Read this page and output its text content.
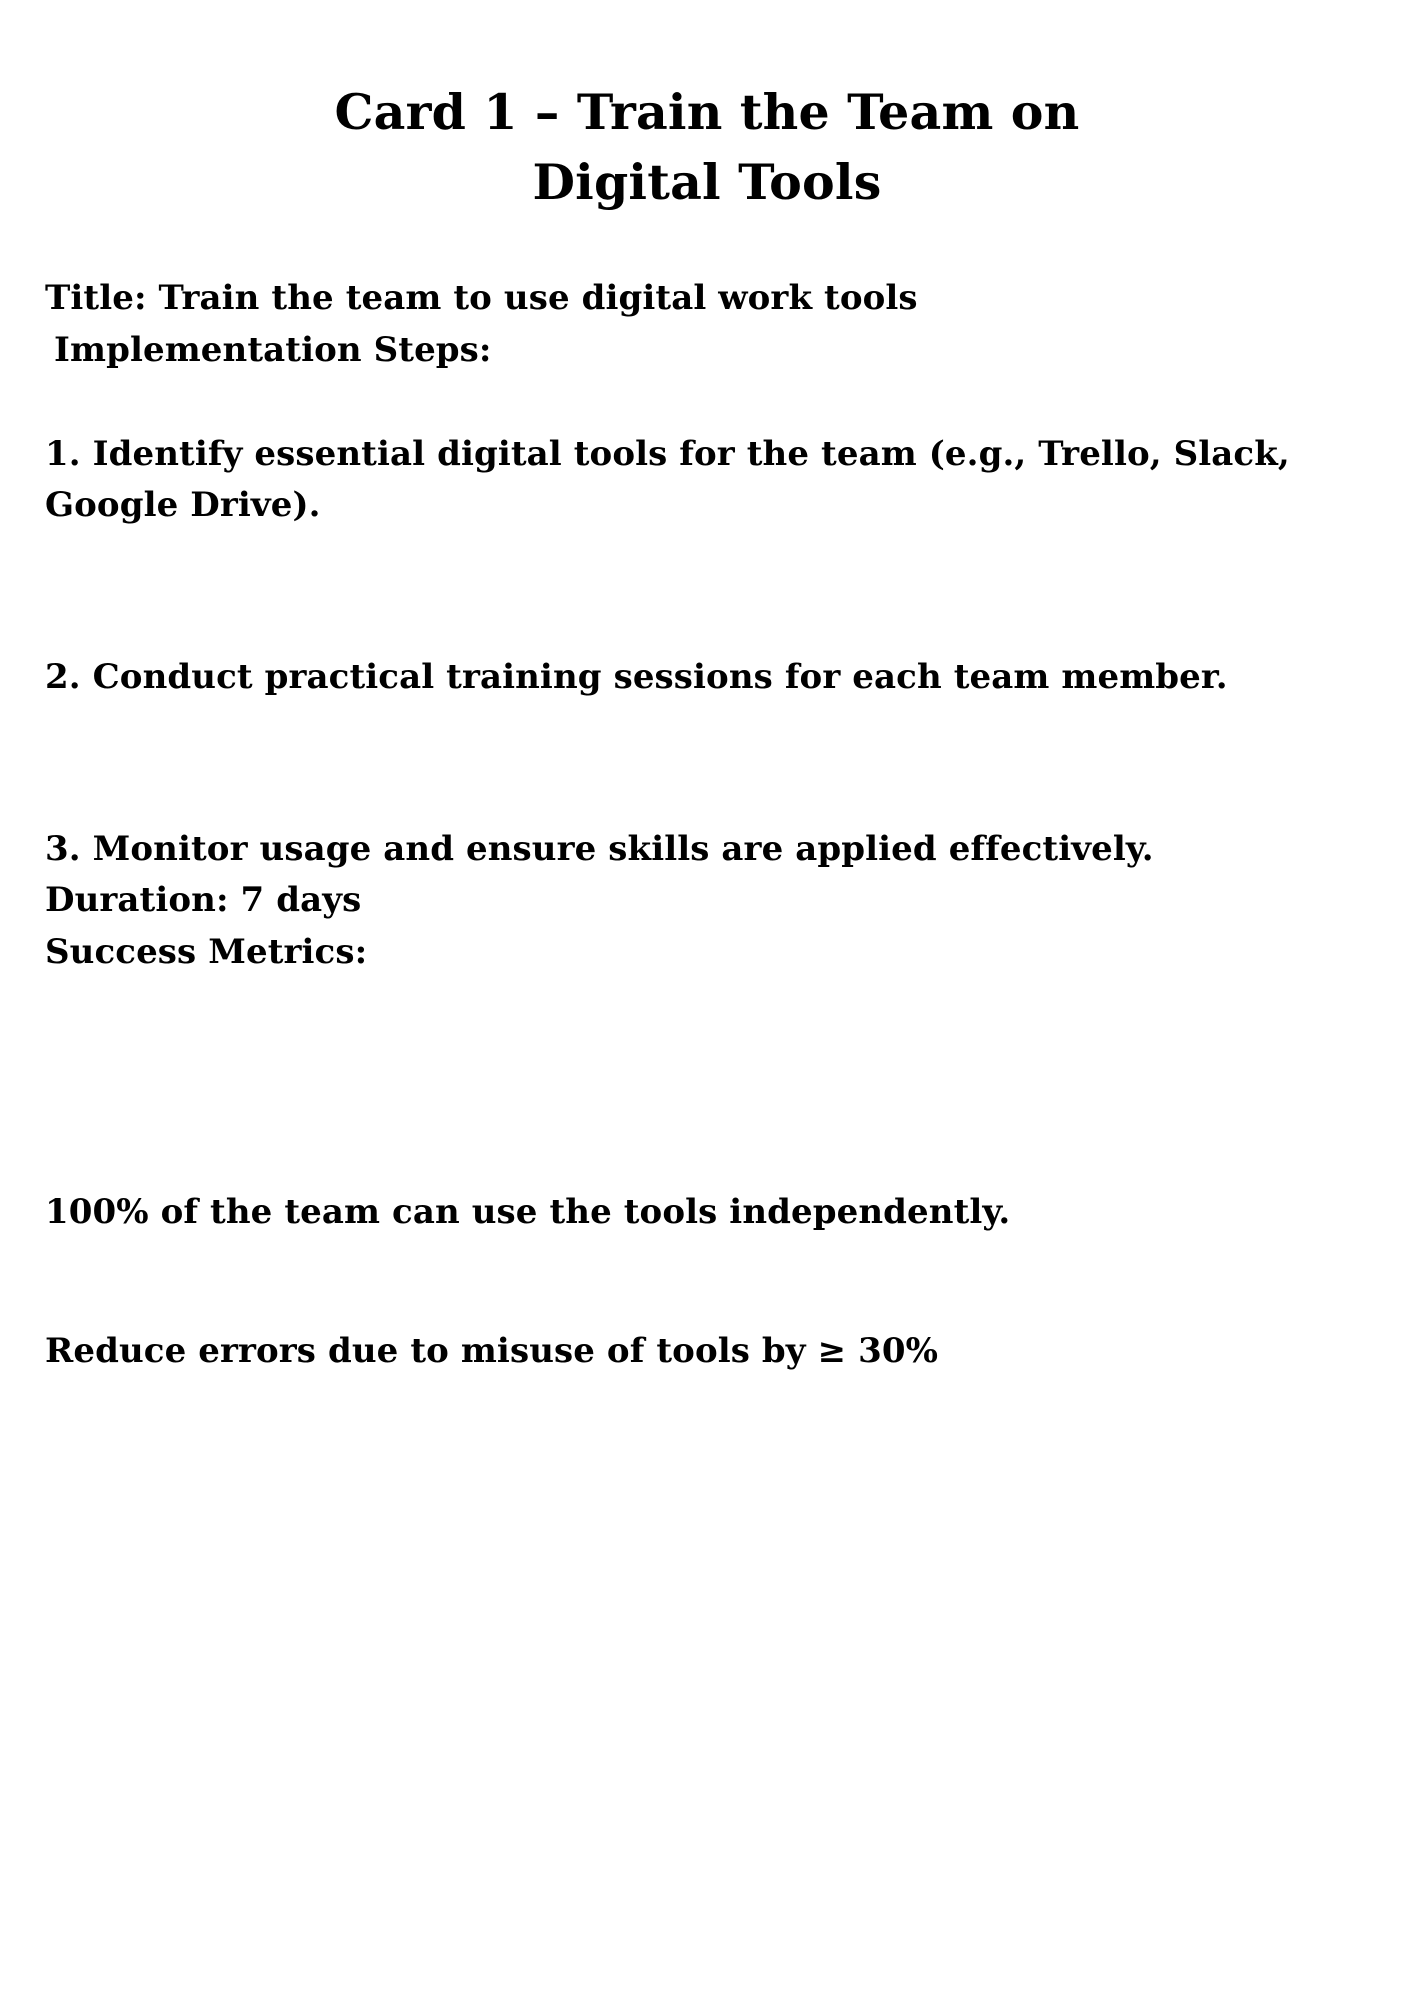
Card 1 – Train the Team on
Digital Tools

Title: Train the team to use digital work tools

Implementation Steps:

1. Identify essential digital tools for the team (e.g., Trello, Slack, Google Drive).

2. Conduct practical training sessions for each team member.

3. Monitor usage and ensure skills are applied effectively.

Duration: 7 days

Success Metrics:

100% of the team can use the tools independently.

Reduce errors due to misuse of tools by ≥ 30%
